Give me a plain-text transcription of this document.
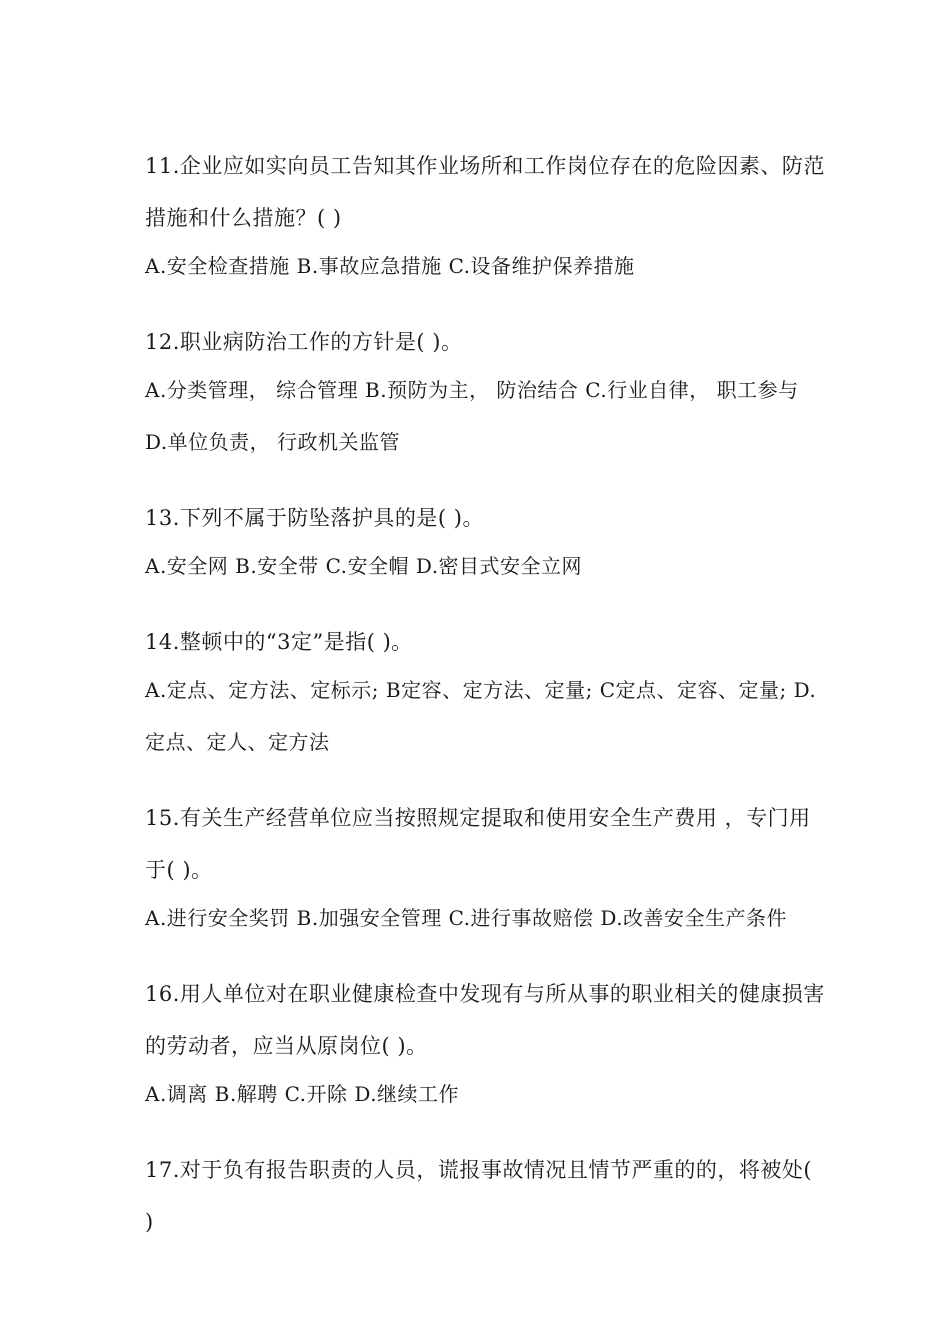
11.企业应如实向员工告知其作业场所和工作岗位存在的危险因素、防范措施和什么措施？( )

A.安全检查措施 B.事故应急措施 C.设备维护保养措施

12.职业病防治工作的方针是( )。

A.分类管理， 综合管理 B.预防为主， 防治结合 C.行业自律， 职工参与 D.单位负责， 行政机关监管

13.下列不属于防坠落护具的是( )。

A.安全网 B.安全带 C.安全帽 D.密目式安全立网

14.整顿中的“3定”是指( )。

A.定点、定方法、定标示; B定容、定方法、定量; C定点、定容、定量; D.定点、定人、定方法

15.有关生产经营单位应当按照规定提取和使用安全生产费用 ，专门用于( )。

A.进行安全奖罚 B.加强安全管理 C.进行事故赔偿 D.改善安全生产条件

16.用人单位对在职业健康检查中发现有与所从事的职业相关的健康损害的劳动者，应当从原岗位( )。

A.调离 B.解聘 C.开除 D.继续工作

17.对于负有报告职责的人员，谎报事故情况且情节严重的的，将被处( )
